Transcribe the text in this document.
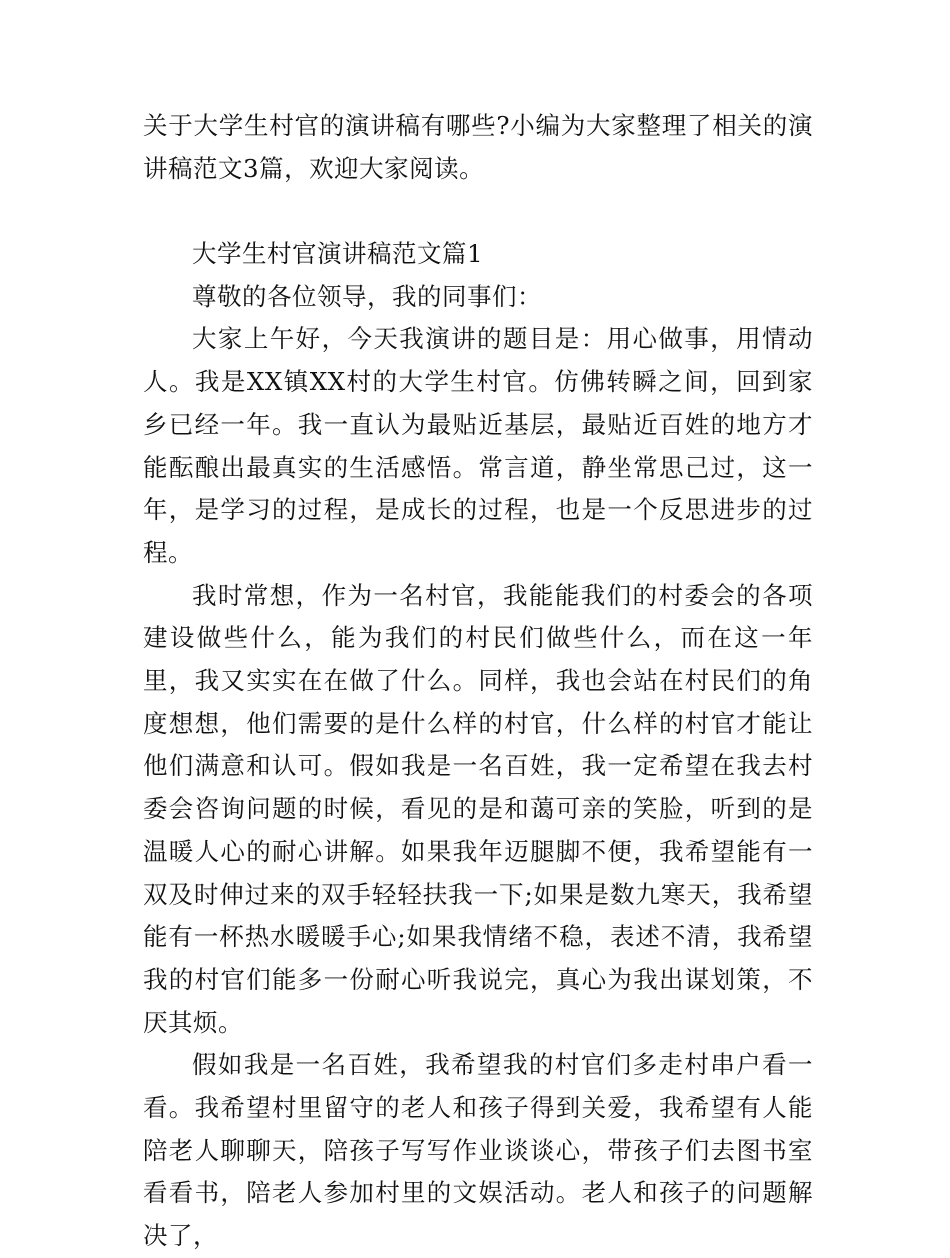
关于大学生村官的演讲稿有哪些?小编为大家整理了相关的演讲稿范文3篇，欢迎大家阅读。

大学生村官演讲稿范文篇1

尊敬的各位领导，我的同事们：

大家上午好，今天我演讲的题目是：用心做事，用情动人。我是XX镇XX村的大学生村官。仿佛转瞬之间，回到家乡已经一年。我一直认为最贴近基层，最贴近百姓的地方才能酝酿出最真实的生活感悟。常言道，静坐常思己过，这一年，是学习的过程，是成长的过程，也是一个反思进步的过程。

我时常想，作为一名村官，我能能我们的村委会的各项建设做些什么，能为我们的村民们做些什么，而在这一年里，我又实实在在做了什么。同样，我也会站在村民们的角度想想，他们需要的是什么样的村官，什么样的村官才能让他们满意和认可。假如我是一名百姓，我一定希望在我去村委会咨询问题的时候，看见的是和蔼可亲的笑脸，听到的是温暖人心的耐心讲解。如果我年迈腿脚不便，我希望能有一双及时伸过来的双手轻轻扶我一下;如果是数九寒天，我希望能有一杯热水暖暖手心;如果我情绪不稳，表述不清，我希望我的村官们能多一份耐心听我说完，真心为我出谋划策，不厌其烦。

假如我是一名百姓，我希望我的村官们多走村串户看一看。我希望村里留守的老人和孩子得到关爱，我希望有人能陪老人聊聊天，陪孩子写写作业谈谈心，带孩子们去图书室看看书，陪老人参加村里的文娱活动。老人和孩子的问题解决了，
